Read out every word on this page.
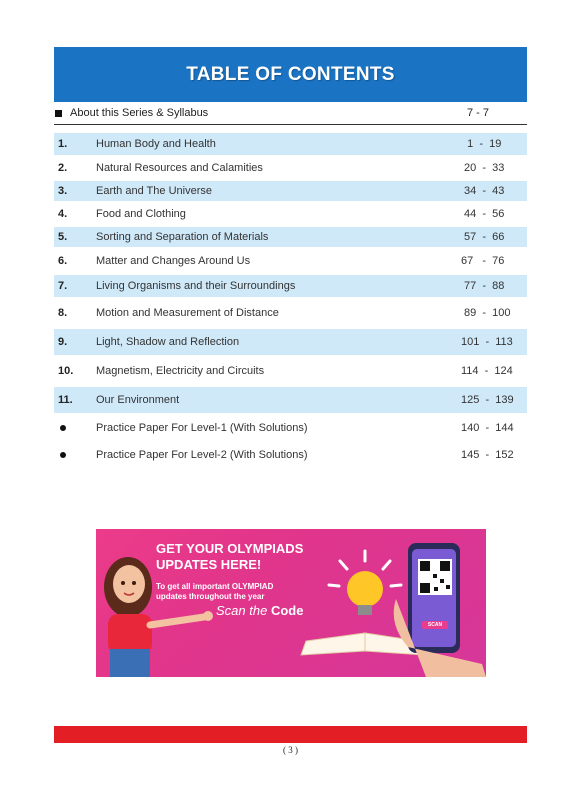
TABLE OF CONTENTS
About this Series & Syllabus	7 - 7
1.	Human Body and Health	1  -  19
2.	Natural Resources and Calamities	20  -  33
3.	Earth and The Universe	34  -  43
4.	Food and Clothing	44  -  56
5.	Sorting and Separation of Materials	57  -  66
6.	Matter and Changes Around Us	67   -  76
7.	Living Organisms and their Surroundings	77  -  88
8.	Motion and Measurement of Distance	89  -  100
9.	Light, Shadow and Reflection	101  -  113
10.	Magnetism, Electricity and Circuits	114  -  124
11.	Our Environment	125  -  139
Practice Paper For Level-1 (With Solutions)	140  -  144
Practice Paper For Level-2 (With Solutions)	145  -  152
GET YOUR OLYMPIADS
UPDATES HERE!
To get all important OLYMPIAD
updates throughout the year
Scan the Code
SCAN
( 3 )
